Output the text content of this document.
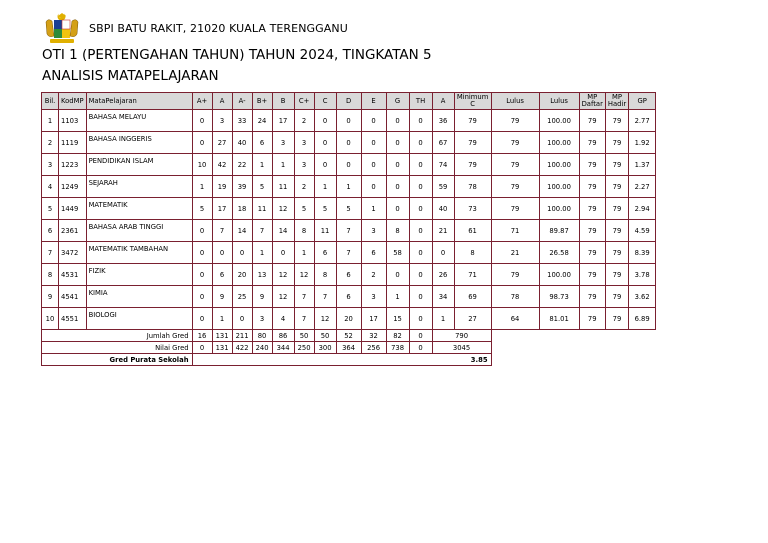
SBPI BATU RAKIT, 21020 KUALA TERENGGANU
OTI 1 (PERTENGAHAN TAHUN) TAHUN 2024, TINGKATAN 5
ANALISIS MATAPELAJARAN
Bil.	KodMP	MataPelajaran	A+	A	A-	B+	B	C+	C	D	E	G	TH	A	Minimum C	Lulus	Lulus	MP Daftar	MP Hadir	GP
1	1103	BAHASA MELAYU	0	3	33	24	17	2	0	0	0	0	0	36	79	79	100.00	79	79	2.77
2	1119	BAHASA INGGERIS	0	27	40	6	3	3	0	0	0	0	0	67	79	79	100.00	79	79	1.92
3	1223	PENDIDIKAN ISLAM	10	42	22	1	1	3	0	0	0	0	0	74	79	79	100.00	79	79	1.37
4	1249	SEJARAH	1	19	39	5	11	2	1	1	0	0	0	59	78	79	100.00	79	79	2.27
5	1449	MATEMATIK	5	17	18	11	12	5	5	5	1	0	0	40	73	79	100.00	79	79	2.94
6	2361	BAHASA ARAB TINGGI	0	7	14	7	14	8	11	7	3	8	0	21	61	71	89.87	79	79	4.59
7	3472	MATEMATIK TAMBAHAN	0	0	0	1	0	1	6	7	6	58	0	0	8	21	26.58	79	79	8.39
8	4531	FIZIK	0	6	20	13	12	12	8	6	2	0	0	26	71	79	100.00	79	79	3.78
9	4541	KIMIA	0	9	25	9	12	7	7	6	3	1	0	34	69	78	98.73	79	79	3.62
10	4551	BIOLOGI	0	1	0	3	4	7	12	20	17	15	0	1	27	64	81.01	79	79	6.89
Jumlah Gred			16	131	211	80	86	50	50	52	32	82	0	790						
Nilai Gred			0	131	422	240	344	250	300	364	256	738	0	3045						
Gred Purata Sekolah			3.85																	
